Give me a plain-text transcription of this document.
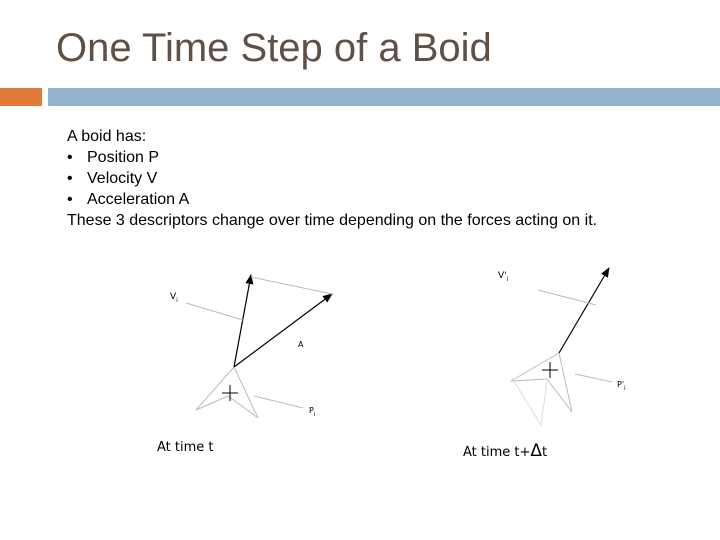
One Time Step of a Boid
A boid has:
• Position P
• Velocity V
• Acceleration A
These 3 descriptors change over time depending on the forces acting on it.
$V_i$
A
$P_i$
At time t
$V'_i$
$P'_i$
At time t+Δt
